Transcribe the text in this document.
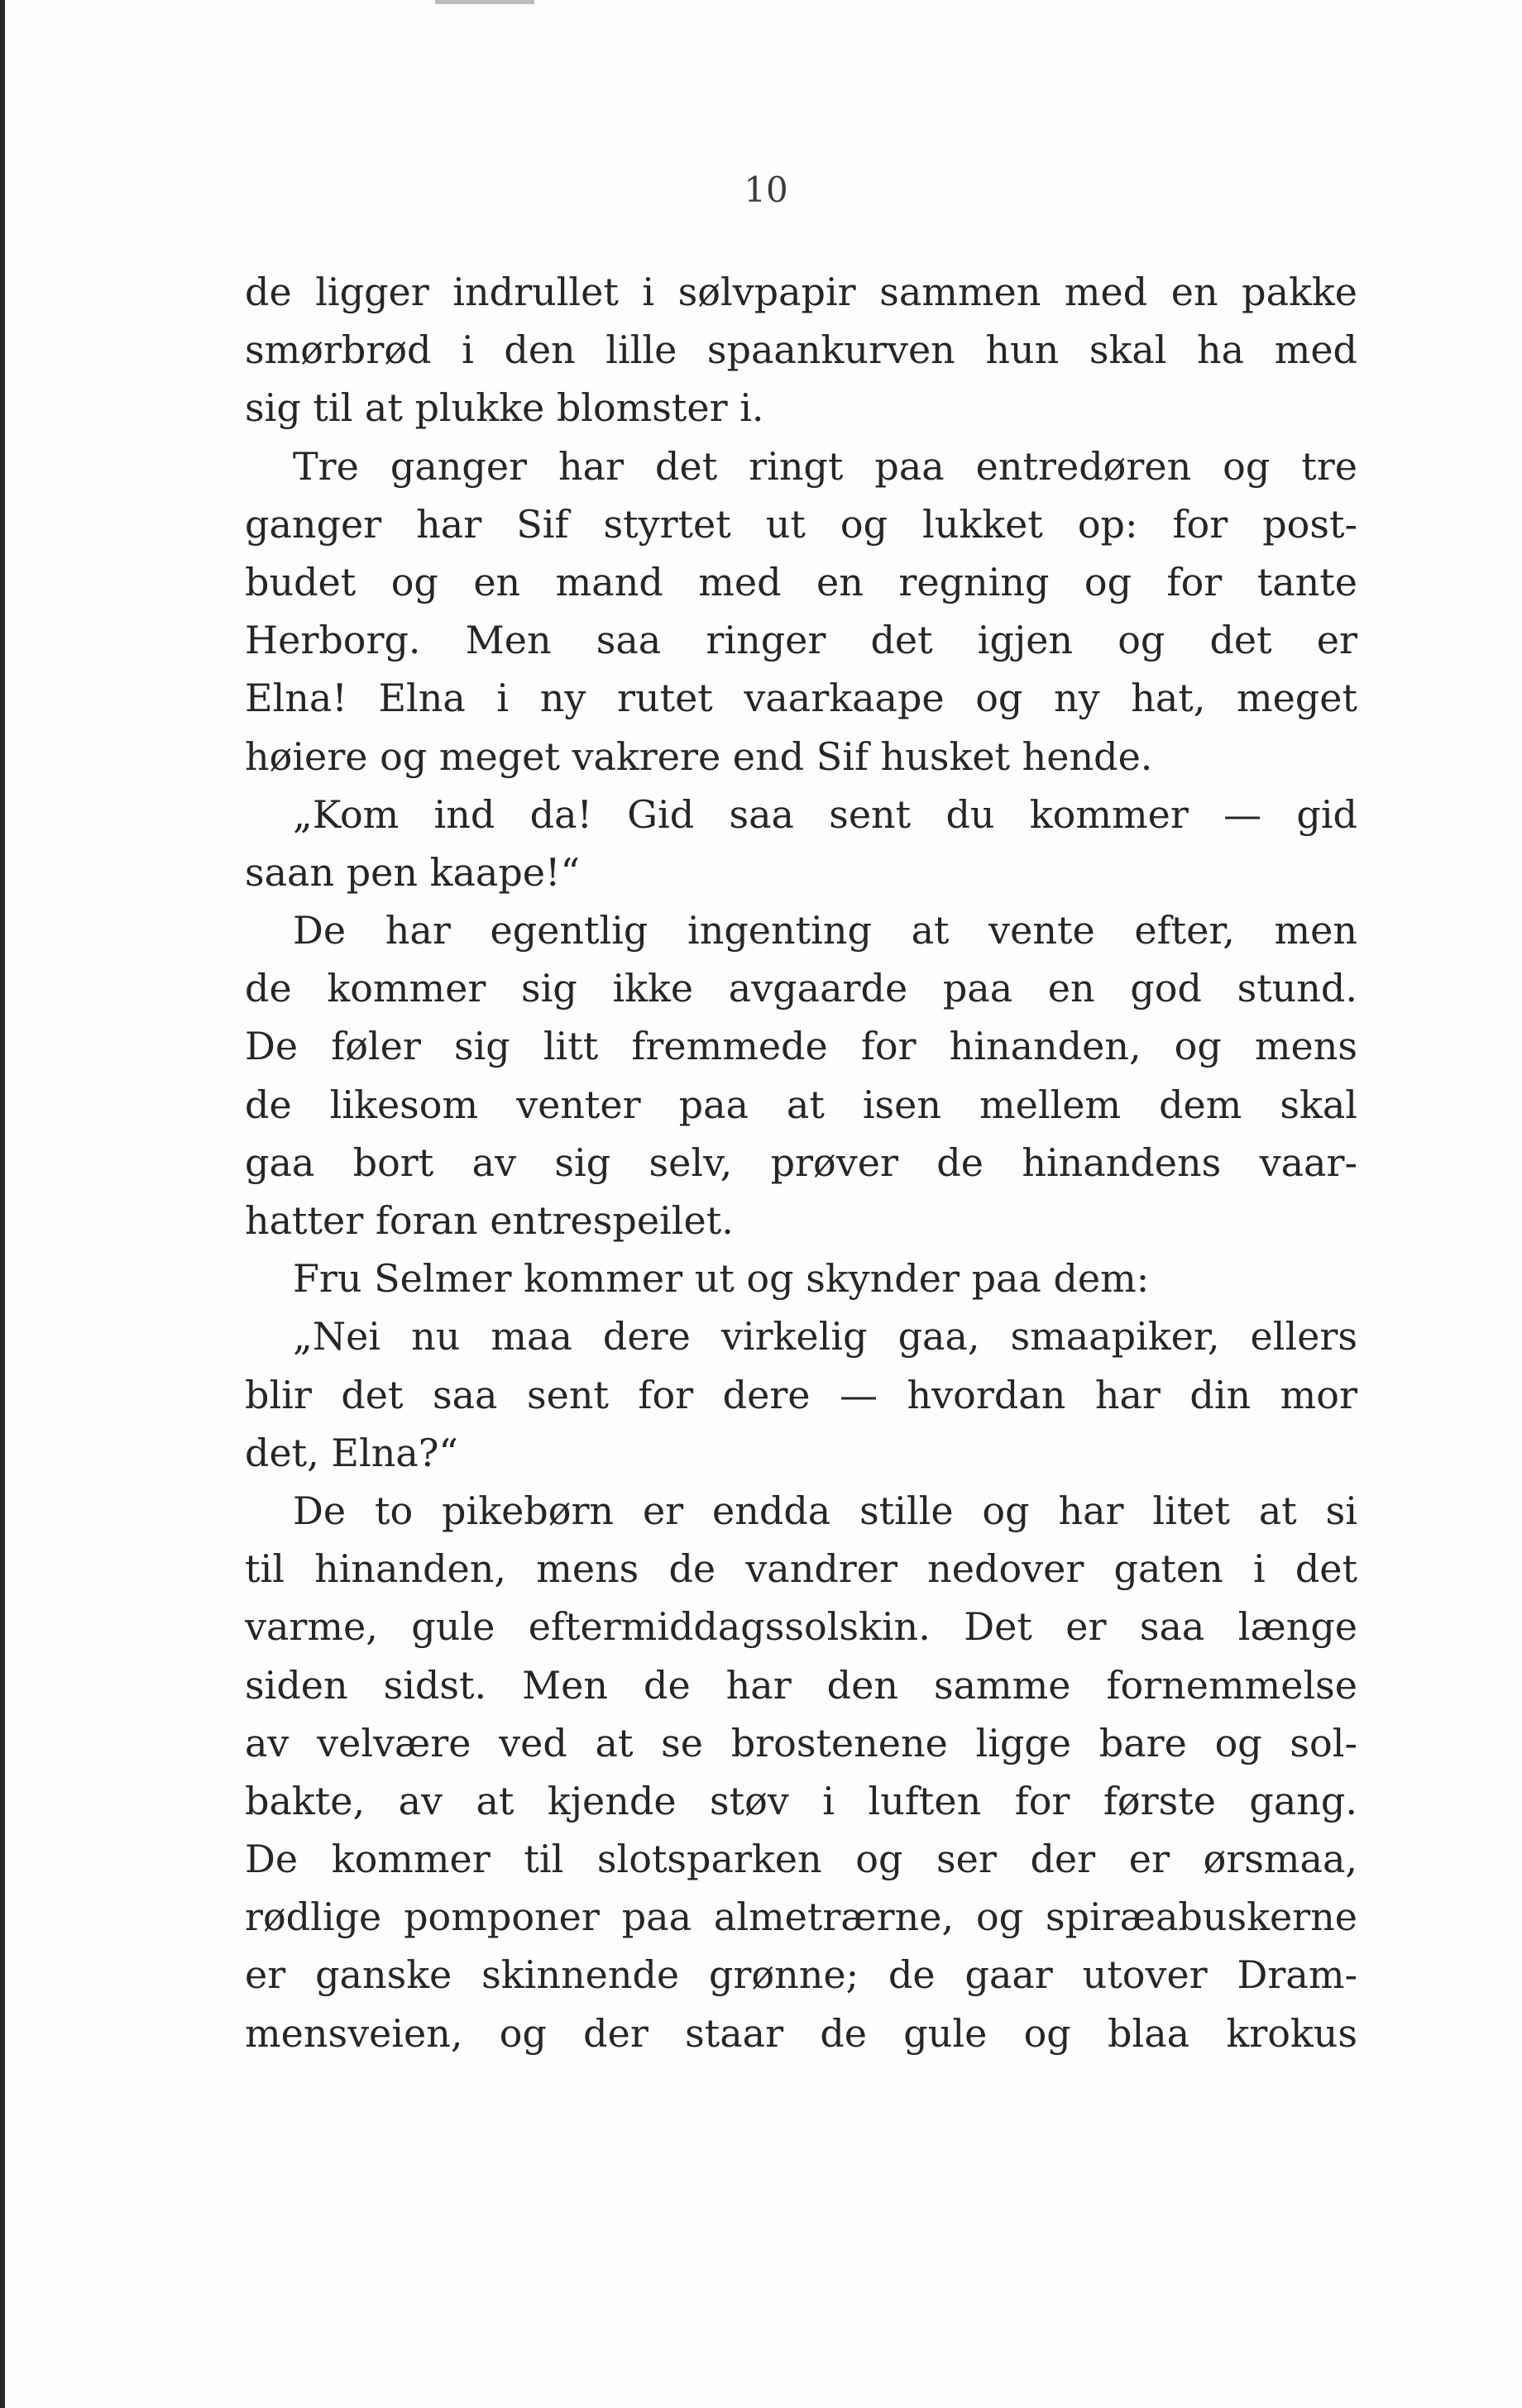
10
de ligger indrullet i sølvpapir sammen med en pakke
smørbrød i den lille spaankurven hun skal ha med
sig til at plukke blomster i.
Tre ganger har det ringt paa entredøren og tre
ganger har Sif styrtet ut og lukket op: for post-
budet og en mand med en regning og for tante
Herborg. Men saa ringer det igjen og det er
Elna! Elna i ny rutet vaarkaape og ny hat, meget
høiere og meget vakrere end Sif husket hende.
„Kom ind da! Gid saa sent du kommer — gid
saan pen kaape!“
De har egentlig ingenting at vente efter, men
de kommer sig ikke avgaarde paa en god stund.
De føler sig litt fremmede for hinanden, og mens
de likesom venter paa at isen mellem dem skal
gaa bort av sig selv, prøver de hinandens vaar-
hatter foran entrespeilet.
Fru Selmer kommer ut og skynder paa dem:
„Nei nu maa dere virkelig gaa, smaapiker, ellers
blir det saa sent for dere — hvordan har din mor
det, Elna?“
De to pikebørn er endda stille og har litet at si
til hinanden, mens de vandrer nedover gaten i det
varme, gule eftermiddagssolskin. Det er saa længe
siden sidst. Men de har den samme fornemmelse
av velvære ved at se brostenene ligge bare og sol-
bakte, av at kjende støv i luften for første gang.
De kommer til slotsparken og ser der er ørsmaa,
rødlige pomponer paa almetrærne, og spiræabuskerne
er ganske skinnende grønne; de gaar utover Dram-
mensveien, og der staar de gule og blaa krokus
